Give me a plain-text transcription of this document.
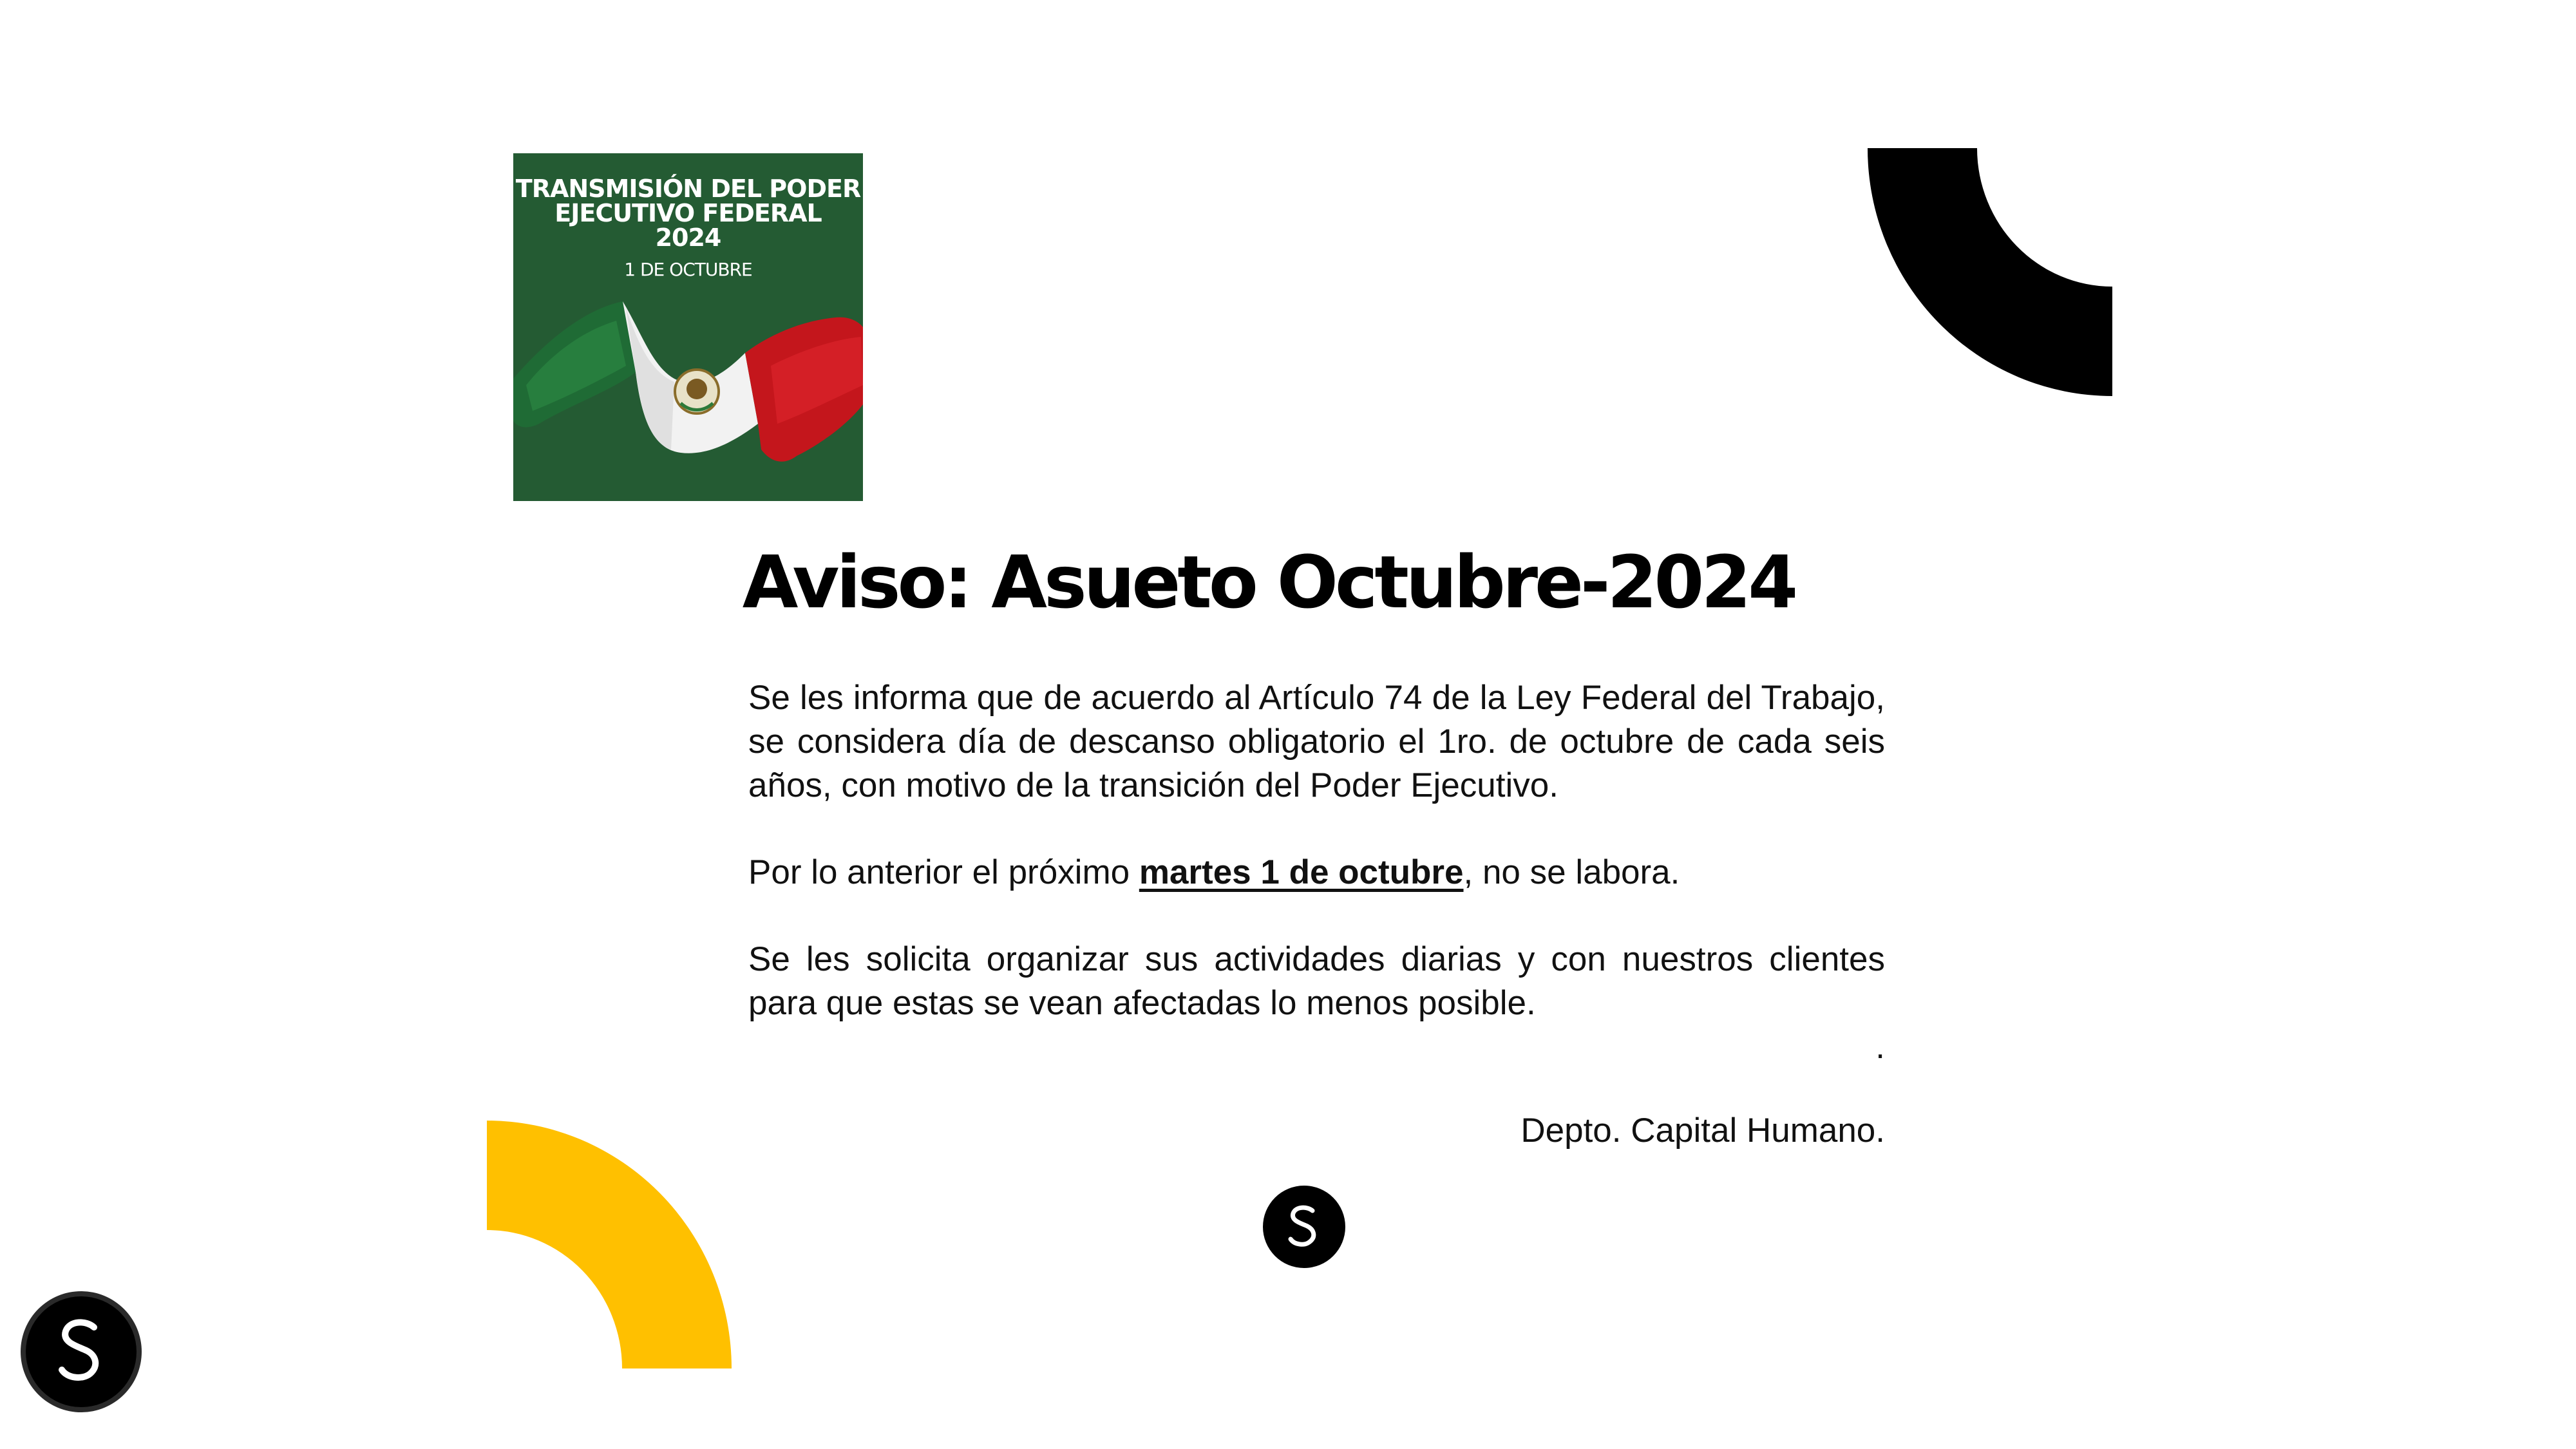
TRANSMISIÓN DEL PODER
EJECUTIVO FEDERAL
2024
1 DE OCTUBRE
Aviso: Asueto Octubre-2024

Se les informa que de acuerdo al Artículo 74 de la Ley Federal del Trabajo, se considera día de descanso obligatorio el 1ro. de octubre de cada seis años, con motivo de la transición del Poder Ejecutivo.

Por lo anterior el próximo martes 1 de octubre, no se labora.

Se les solicita organizar sus actividades diarias y con nuestros clientes para que estas se vean afectadas lo menos posible.

.

Depto. Capital Humano.
